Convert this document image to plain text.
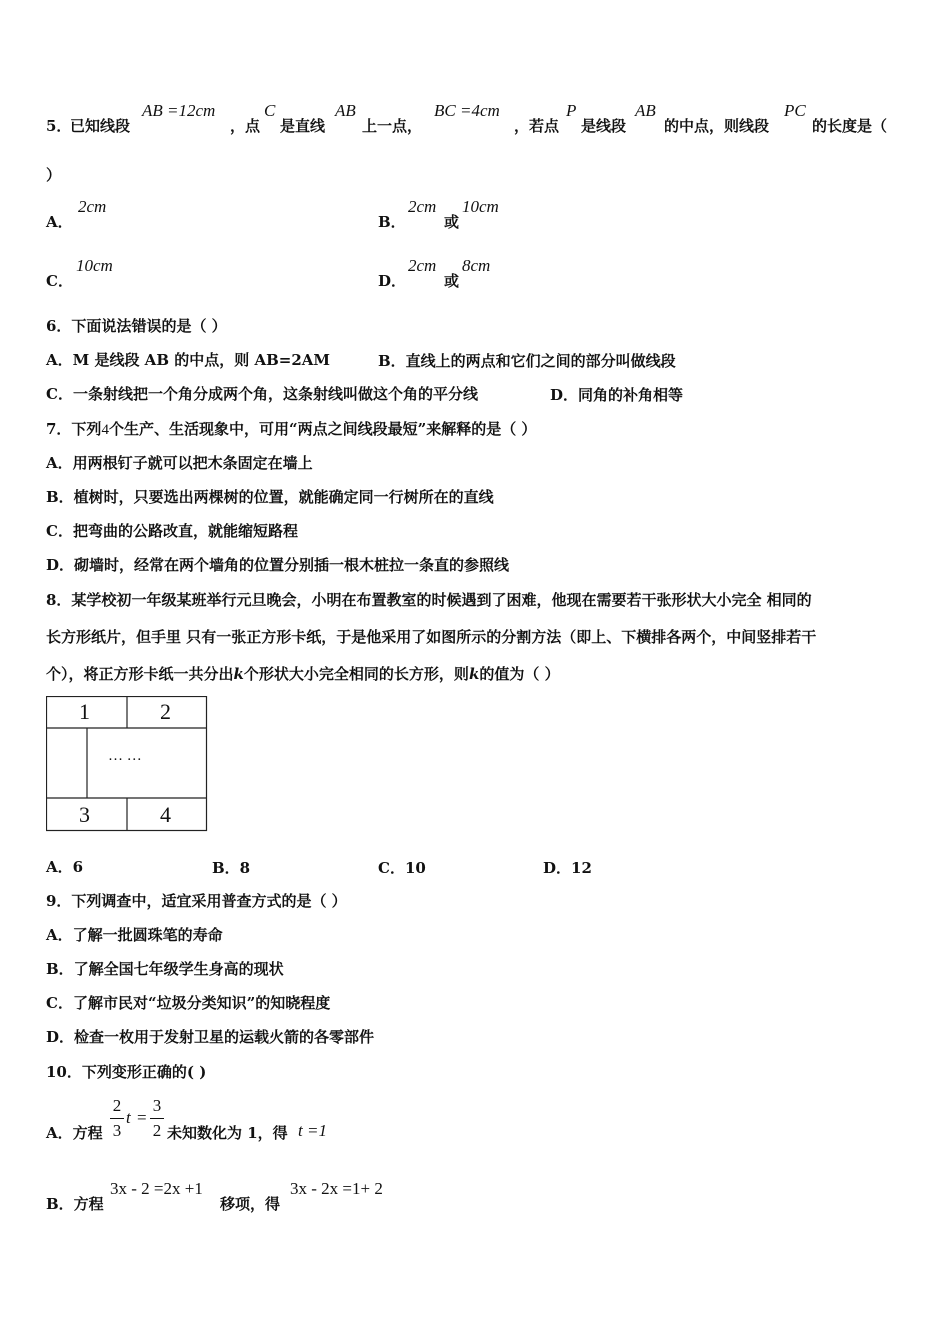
5．
已知线段
AB =12cm
，点
C
是直线
AB
上一点，
BC =4cm
，若点
P
是线段
AB
的中点，则线段
PC
的长度是（
）
A．
2cm
B．
2cm
或
10cm
C．
10cm
D．
2cm
或
8cm
6．下面说法错误的是（ ）
A．M 是线段 AB 的中点，则 AB=2AM	B．直线上的两点和它们之间的部分叫做线段
C．一条射线把一个角分成两个角，这条射线叫做这个角的平分线	D．同角的补角相等
7．下列4个生产、生活现象中，可用“两点之间线段最短”来解释的是（ ）
A．用两根钉子就可以把木条固定在墙上
B．植树时，只要选出两棵树的位置，就能确定同一行树所在的直线
C．把弯曲的公路改直，就能缩短路程
D．砌墙时，经常在两个墙角的位置分别插一根木桩拉一条直的参照线
8．某学校初一年级某班举行元旦晚会，小明在布置教室的时候遇到了困难，他现在需要若干张形状大小完全 相同的
长方形纸片，但手里 只有一张正方形卡纸，于是他采用了如图所示的分割方法（即上、下横排各两个，中间竖排若干
个），将正方形卡纸一共分出k个形状大小完全相同的长方形，则k的值为（ ）
1	2
… …
3	4
A．6	B．8	C．10	D．12
9．下列调查中，适宜采用普查方式的是（ ）
A．了解一批圆珠笔的寿命
B．了解全国七年级学生身高的现状
C．了解市民对“垃圾分类知识”的知晓程度
D．检查一枚用于发射卫星的运载火箭的各零部件
10．下列变形正确的( )
A．方程
2
3
t =
3
2 未知数化为 1，得 t =1
B．方程
3x - 2 =2x +1
移项，得
3x - 2x =1+ 2
